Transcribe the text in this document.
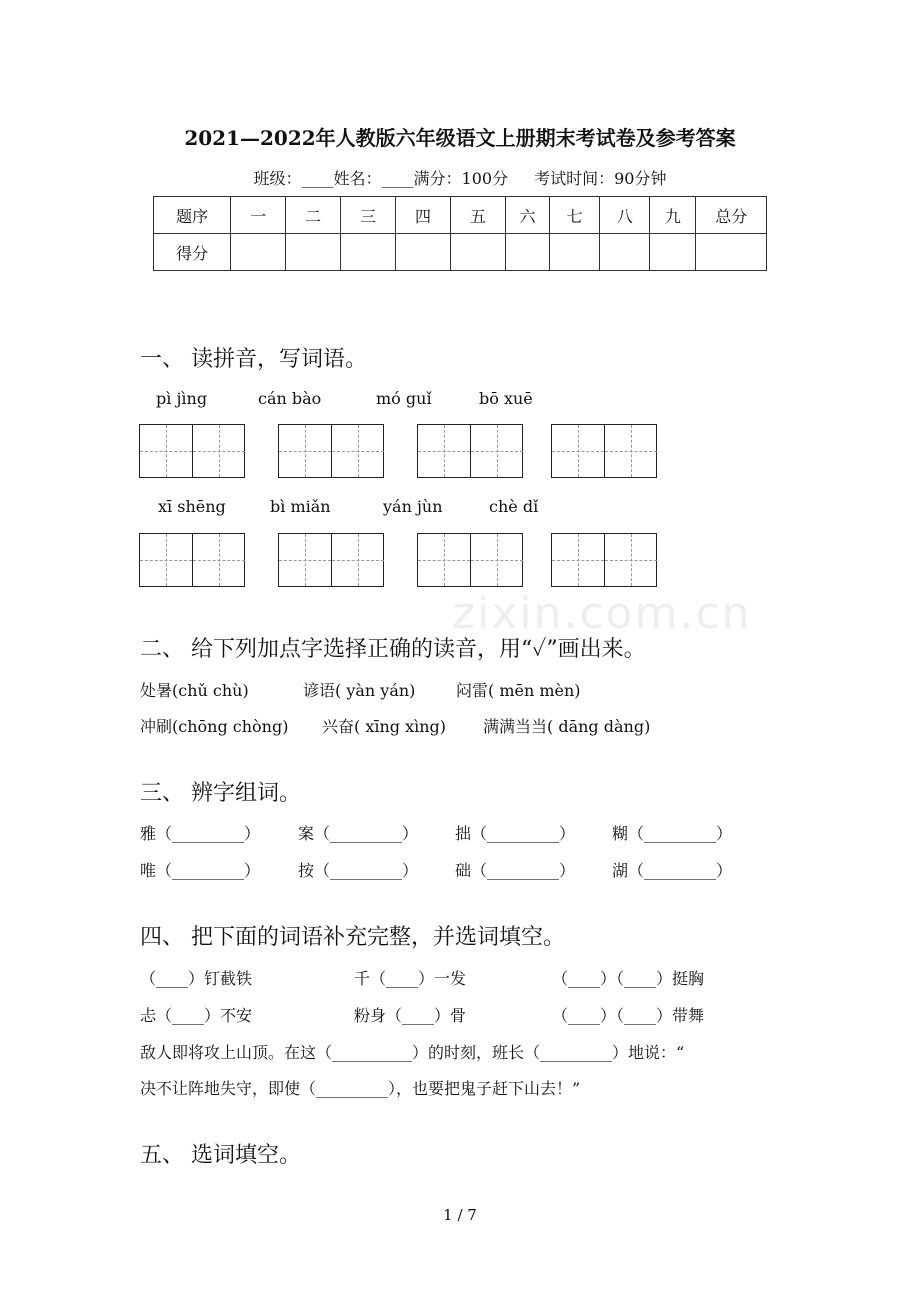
zixin.com.cn
2021—2022年人教版六年级语文上册期末考试卷及参考答案
班级：____姓名：____满分：100分 考试时间：90分钟
题序	一	二	三	四	五	六	七	八	九	总分
得分										
一、 读拼音，写词语。
pì jìng	cán bào	mó guǐ	bō xuē
xī shēng	bì miǎn	yán jùn	chè dǐ
二、 给下列加点字选择正确的读音，用“✓”画出来。
处暑(chǔ chù)	谚语( yàn yán)	闷雷( mēn mèn)
冲刷(chōng chòng) 兴奋( xīng xìng) 满满当当( dāng dàng)
三、 辨字组词。
雅（_________） 案（_________） 拙（_________） 糊（_________）
唯（_________） 按（_________） 础（_________） 湖（_________）
四、 把下面的词语补充完整，并选词填空。
（____）钉截铁	千（____）一发	（____）（____）挺胸
忐（____）不安	粉身（____）骨	（____）（____）带舞
敌人即将攻上山顶。在这（__________）的时刻，班长（_________）地说：“
决不让阵地失守，即使（_________），也要把鬼子赶下山去！”
五、 选词填空。
1 / 7
